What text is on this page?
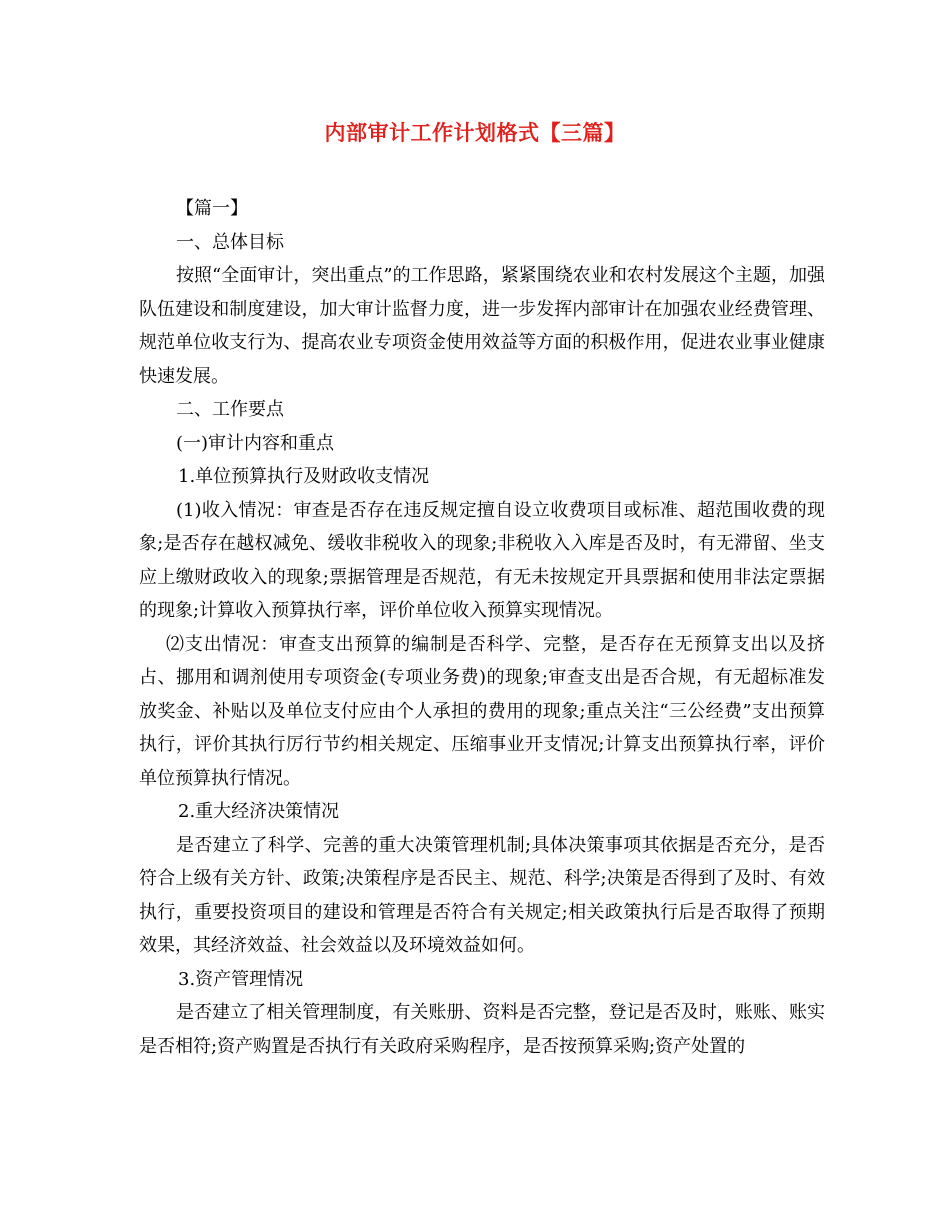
内部审计工作计划格式【三篇】

【篇一】

一、总体目标

按照“全面审计，突出重点”的工作思路，紧紧围绕农业和农村发展这个主题，加强队伍建设和制度建设，加大审计监督力度，进一步发挥内部审计在加强农业经费管理、规范单位收支行为、提高农业专项资金使用效益等方面的积极作用，促进农业事业健康快速发展。

二、工作要点

(一)审计内容和重点

1.单位预算执行及财政收支情况

(1)收入情况：审查是否存在违反规定擅自设立收费项目或标准、超范围收费的现象;是否存在越权减免、缓收非税收入的现象;非税收入入库是否及时，有无滞留、坐支应上缴财政收入的现象;票据管理是否规范，有无未按规定开具票据和使用非法定票据的现象;计算收入预算执行率，评价单位收入预算实现情况。

⑵支出情况：审查支出预算的编制是否科学、完整，是否存在无预算支出以及挤占、挪用和调剂使用专项资金(专项业务费)的现象;审查支出是否合规，有无超标准发放奖金、补贴以及单位支付应由个人承担的费用的现象;重点关注“三公经费”支出预算执行，评价其执行厉行节约相关规定、压缩事业开支情况;计算支出预算执行率，评价单位预算执行情况。

2.重大经济决策情况

是否建立了科学、完善的重大决策管理机制;具体决策事项其依据是否充分，是否符合上级有关方针、政策;决策程序是否民主、规范、科学;决策是否得到了及时、有效执行，重要投资项目的建设和管理是否符合有关规定;相关政策执行后是否取得了预期效果，其经济效益、社会效益以及环境效益如何。

3.资产管理情况

是否建立了相关管理制度，有关账册、资料是否完整，登记是否及时，账账、账实是否相符;资产购置是否执行有关政府采购程序，是否按预算采购;资产处置的
